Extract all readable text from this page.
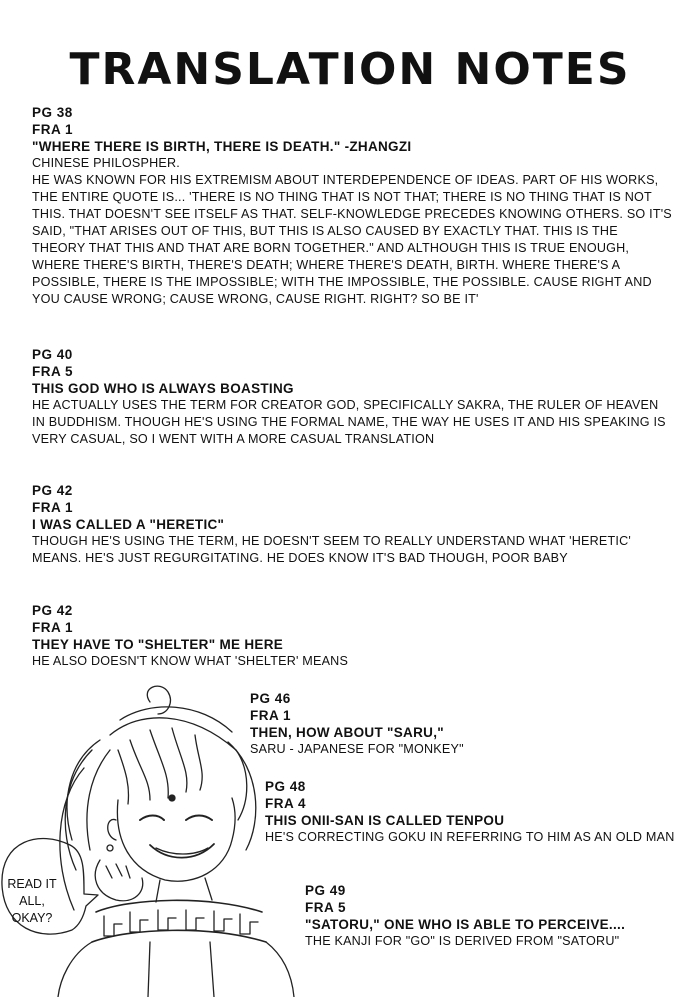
TRANSLATION NOTES
PG 38
FRA 1
"WHERE THERE IS BIRTH, THERE IS DEATH." -ZHANGZI
CHINESE PHILOSPHER.
HE WAS KNOWN FOR HIS EXTREMISM ABOUT INTERDEPENDENCE OF IDEAS. PART OF HIS WORKS, THE ENTIRE QUOTE IS... 'THERE IS NO THING THAT IS NOT THAT; THERE IS NO THING THAT IS NOT THIS. THAT DOESN'T SEE ITSELF AS THAT. SELF-KNOWLEDGE PRECEDES KNOWING OTHERS. SO IT'S SAID, "THAT ARISES OUT OF THIS, BUT THIS IS ALSO CAUSED BY EXACTLY THAT. THIS IS THE THEORY THAT THIS AND THAT ARE BORN TOGETHER." AND ALTHOUGH THIS IS TRUE ENOUGH, WHERE THERE'S BIRTH, THERE'S DEATH; WHERE THERE'S DEATH, BIRTH. WHERE THERE'S A POSSIBLE, THERE IS THE IMPOSSIBLE; WITH THE IMPOSSIBLE, THE POSSIBLE. CAUSE RIGHT AND YOU CAUSE WRONG; CAUSE WRONG, CAUSE RIGHT. RIGHT? SO BE IT'
PG 40
FRA 5
THIS GOD WHO IS ALWAYS BOASTING
HE ACTUALLY USES THE TERM FOR CREATOR GOD, SPECIFICALLY SAKRA, THE RULER OF HEAVEN IN BUDDHISM. THOUGH HE'S USING THE FORMAL NAME, THE WAY HE USES IT AND HIS SPEAKING IS VERY CASUAL, SO I WENT WITH A MORE CASUAL TRANSLATION
PG 42
FRA 1
I WAS CALLED A "HERETIC"
THOUGH HE'S USING THE TERM, HE DOESN'T SEEM TO REALLY UNDERSTAND WHAT 'HERETIC' MEANS. HE'S JUST REGURGITATING. HE DOES KNOW IT'S BAD THOUGH, POOR BABY
PG 42
FRA 1
THEY HAVE TO "SHELTER" ME HERE
HE ALSO DOESN'T KNOW WHAT 'SHELTER' MEANS
PG 46
FRA 1
THEN, HOW ABOUT "SARU,"
SARU - JAPANESE FOR "MONKEY"
PG 48
FRA 4
THIS ONII-SAN IS CALLED TENPOU
HE'S CORRECTING GOKU IN REFERRING TO HIM AS AN OLD MAN
PG 49
FRA 5
"SATORU," ONE WHO IS ABLE TO PERCEIVE....
THE KANJI FOR "GO" IS DERIVED FROM "SATORU"
READ IT ALL, OKAY?
